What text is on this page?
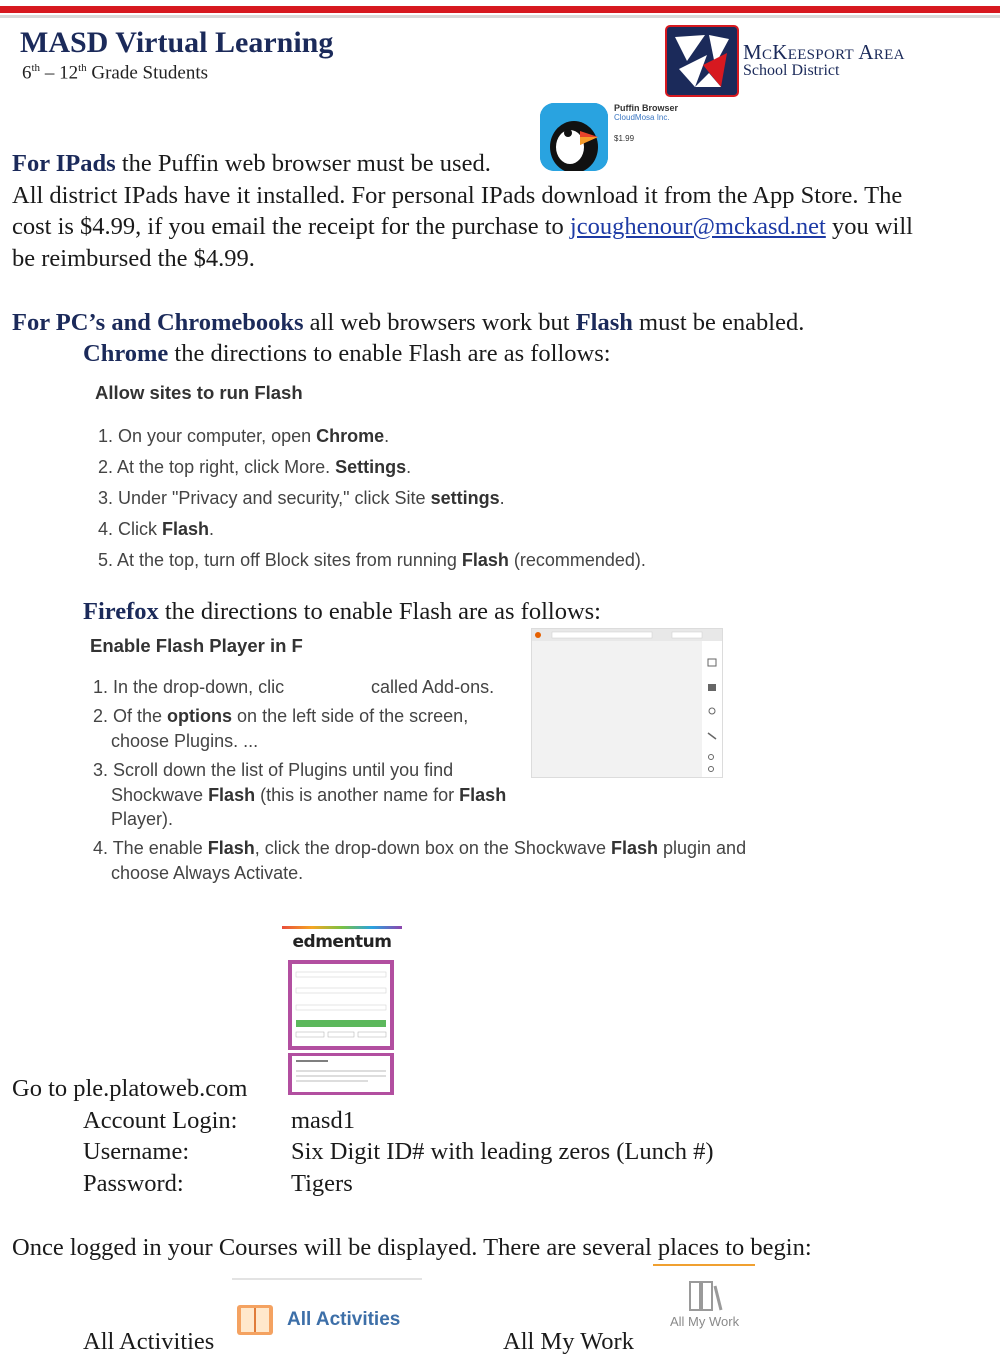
MASD Virtual Learning
6th – 12th Grade Students
McKeesport Area
School District
Puffin Browser
CloudMosa Inc.
$1.99
For IPads the Puffin web browser must be used.
All district IPads have it installed. For personal IPads download it from the App Store. The
cost is $4.99, if you email the receipt for the purchase to jcoughenour@mckasd.net you will
be reimbursed the $4.99.
For PC’s and Chromebooks all web browsers work but Flash must be enabled.
Chrome the directions to enable Flash are as follows:
Allow sites to run Flash
1. On your computer, open Chrome.
2. At the top right, click More. Settings.
3. Under "Privacy and security," click Site settings.
4. Click Flash.
5. At the top, turn off Block sites from running Flash (recommended).
Firefox the directions to enable Flash are as follows:
Enable Flash Player in F
1. In the drop-down, clic	called Add-ons.
2. Of the options on the left side of the screen,
choose Plugins. ...
3. Scroll down the list of Plugins until you find
Shockwave Flash (this is another name for Flash
Player).
4. The enable Flash, click the drop-down box on the Shockwave Flash plugin and
choose Always Activate.
edmentum
Go to ple.platoweb.com
Account Login: masd1
Username:	Six Digit ID# with leading zeros (Lunch #)
Password:	Tigers
Once logged in your Courses will be displayed. There are several places to begin:
All Activities	All My Work
All Activities	All My Work
